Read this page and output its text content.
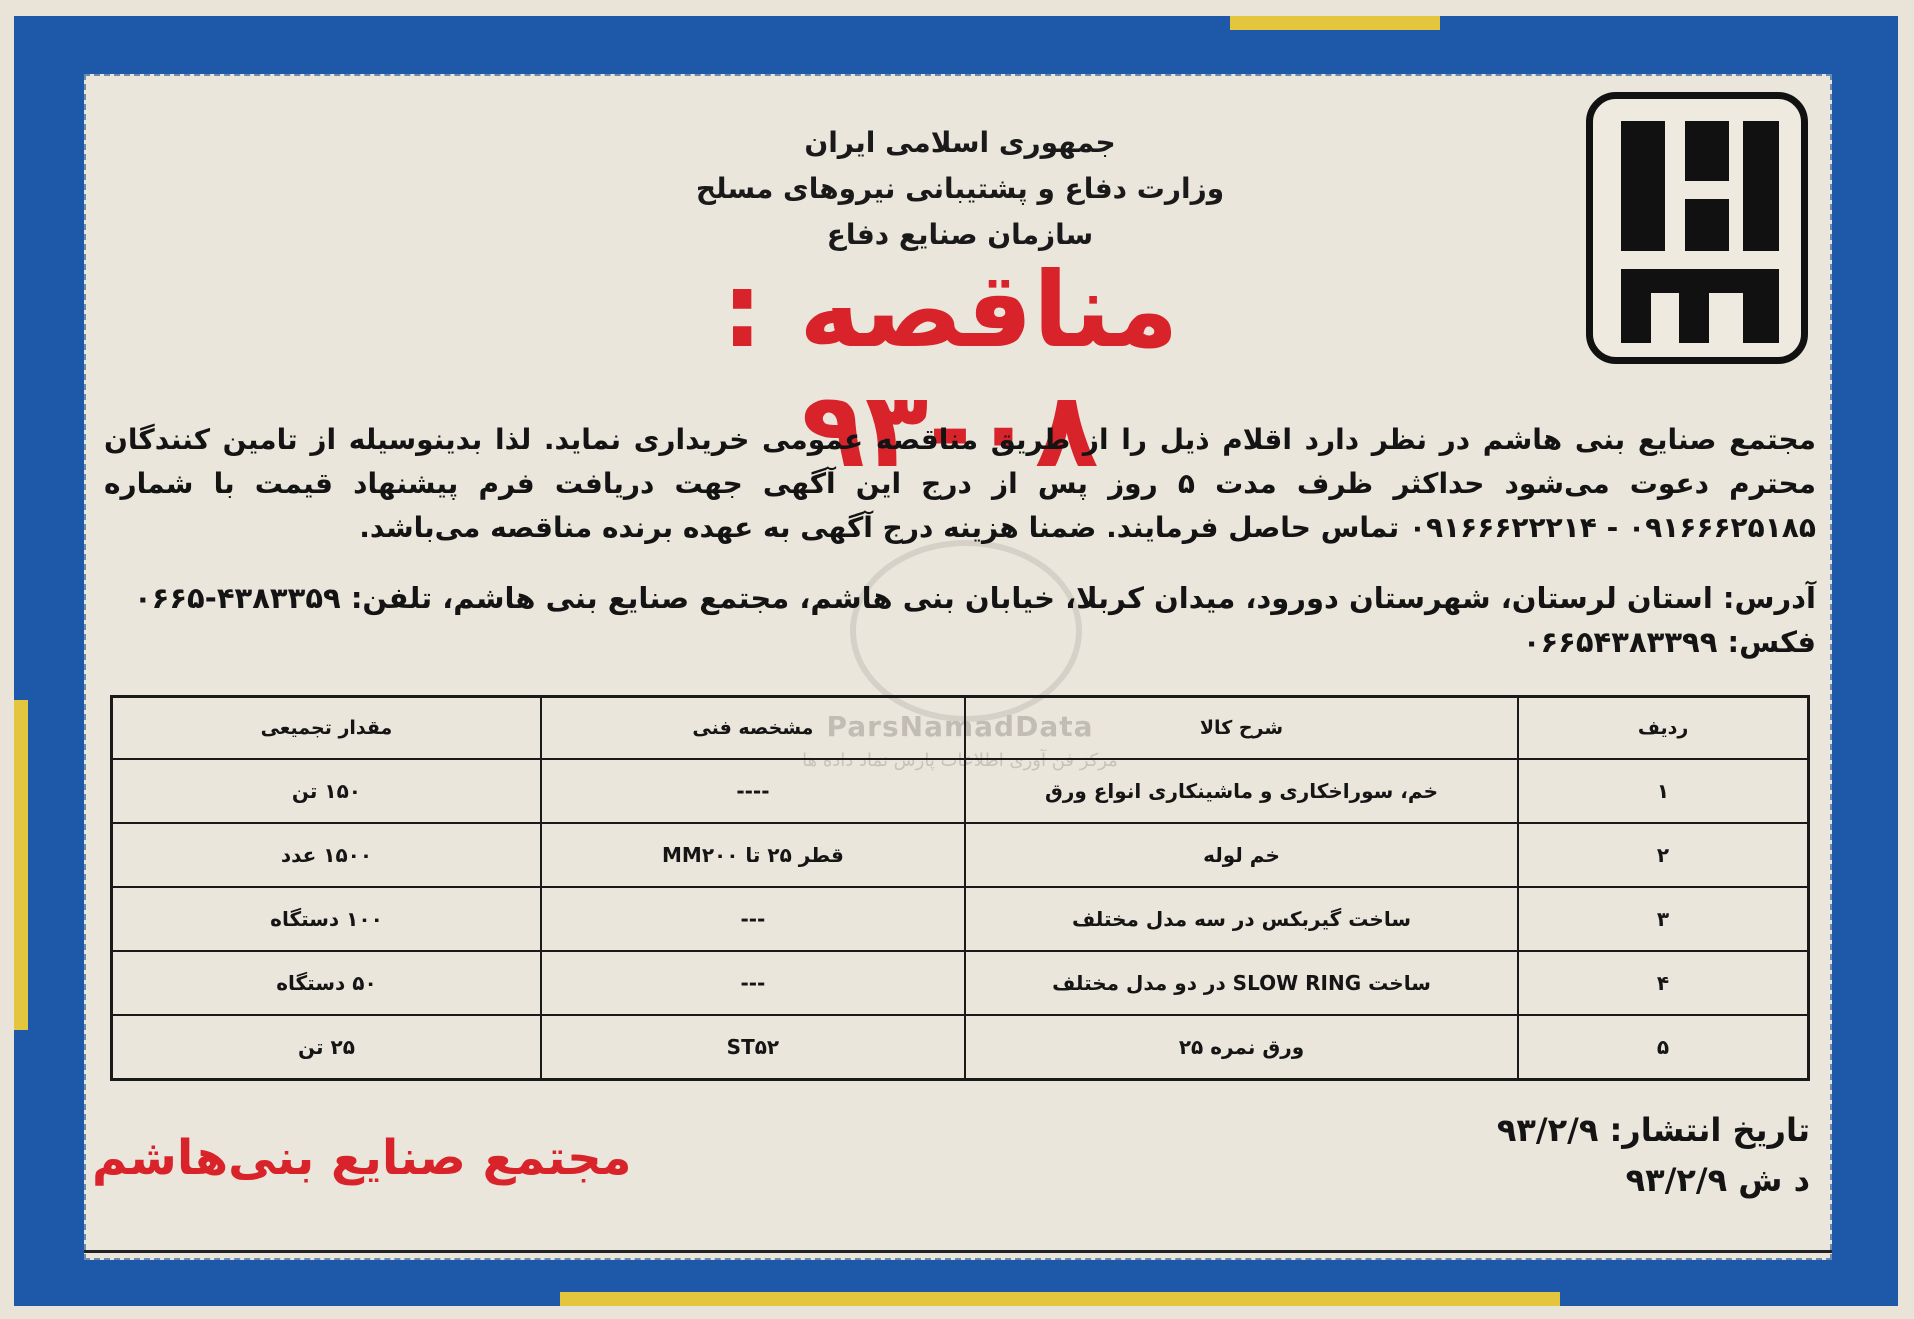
جمهوری اسلامی ایران
وزارت دفاع و پشتیبانی نیروهای مسلح
سازمان صنایع دفاع
مناقصه : ۰۸-۹۳
ParsNamadData
مرکز فن آوری اطلاعات پارس نماد داده ها
مجتمع صنایع بنی هاشم در نظر دارد اقلام ذیل را از طریق مناقصه عمومی خریداری نماید. لذا بدینوسیله از تامین کنندگان محترم دعوت می‌شود حداکثر ظرف مدت ۵ روز پس از درج این آگهی جهت دریافت فرم پیشنهاد قیمت با شماره ۰۹۱۶۶۶۲۵۱۸۵ - ۰۹۱۶۶۶۲۲۲۱۴ تماس حاصل فرمایند. ضمنا هزینه درج آگهی به عهده برنده مناقصه می‌باشد.
آدرس: استان لرستان، شهرستان دورود، میدان کربلا، خیابان بنی هاشم، مجتمع صنایع بنی هاشم، تلفن: ۴۳۸۳۳۵۹-۰۶۶۵ فکس: ۰۶۶۵۴۳۸۳۳۹۹
ردیف	شرح کالا	مشخصه فنی	مقدار تجمیعی
۱	خم، سوراخکاری و ماشینکاری انواع ورق	----	۱۵۰ تن
۲	خم لوله	قطر ۲۵ تا MM۲۰۰	۱۵۰۰ عدد
۳	ساخت گیربکس در سه مدل مختلف	---	۱۰۰ دستگاه
۴	ساخت SLOW RING در دو مدل مختلف	---	۵۰ دستگاه
۵	ورق نمره ۲۵	ST۵۲	۲۵ تن
تاریخ انتشار: ۹۳/۲/۹
د ش ۹۳/۲/۹
مجتمع صنایع بنی‌هاشم
